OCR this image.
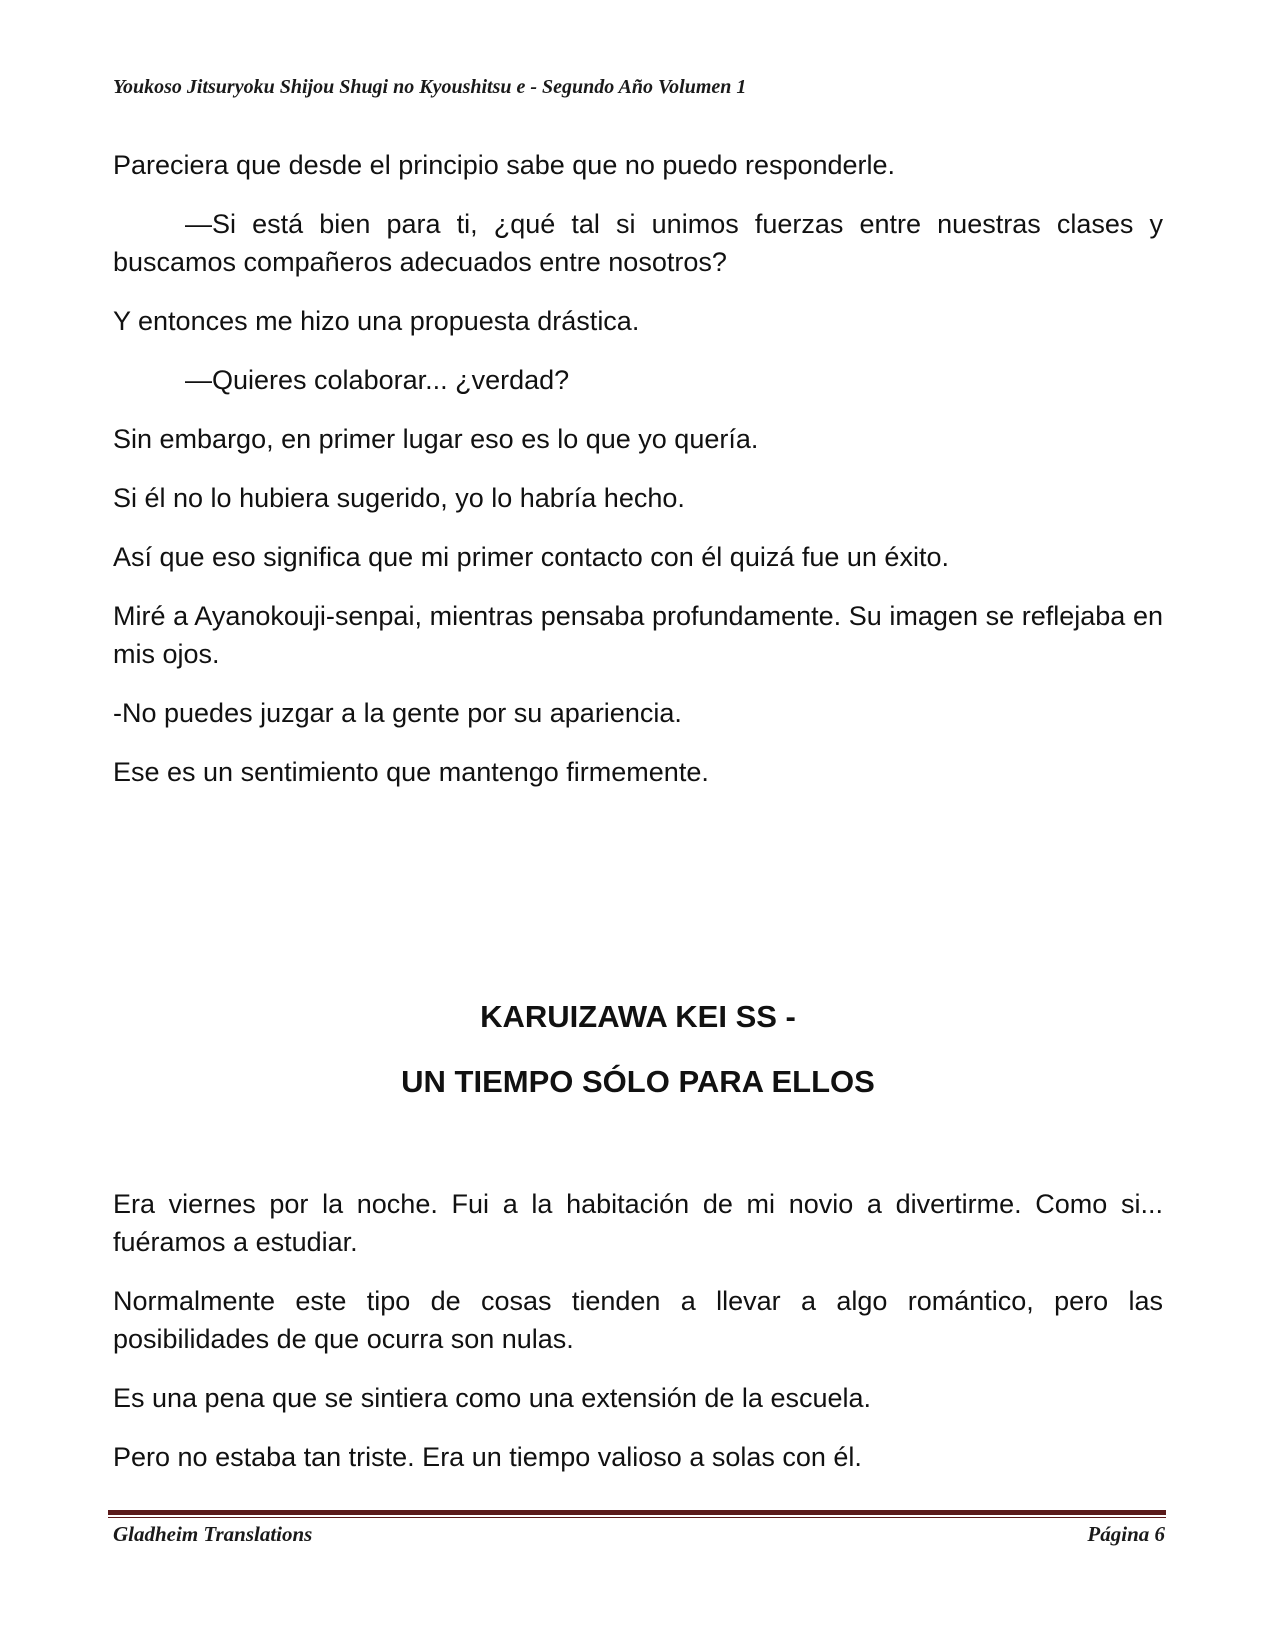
Youkoso Jitsuryoku Shijou Shugi no Kyoushitsu e - Segundo Año Volumen 1

Pareciera que desde el principio sabe que no puedo responderle.

—Si está bien para ti, ¿qué tal si unimos fuerzas entre nuestras clases y buscamos compañeros adecuados entre nosotros?

Y entonces me hizo una propuesta drástica.

—Quieres colaborar... ¿verdad?

Sin embargo, en primer lugar eso es lo que yo quería.

Si él no lo hubiera sugerido, yo lo habría hecho.

Así que eso significa que mi primer contacto con él quizá fue un éxito.

Miré a Ayanokouji-senpai, mientras pensaba profundamente. Su imagen se reflejaba en mis ojos.

-No puedes juzgar a la gente por su apariencia.

Ese es un sentimiento que mantengo firmemente.

KARUIZAWA KEI SS -
UN TIEMPO SÓLO PARA ELLOS

Era viernes por la noche. Fui a la habitación de mi novio a divertirme. Como si... fuéramos a estudiar.

Normalmente este tipo de cosas tienden a llevar a algo romántico, pero las posibilidades de que ocurra son nulas.

Es una pena que se sintiera como una extensión de la escuela.

Pero no estaba tan triste. Era un tiempo valioso a solas con él.

Gladheim Translations	Página 6
